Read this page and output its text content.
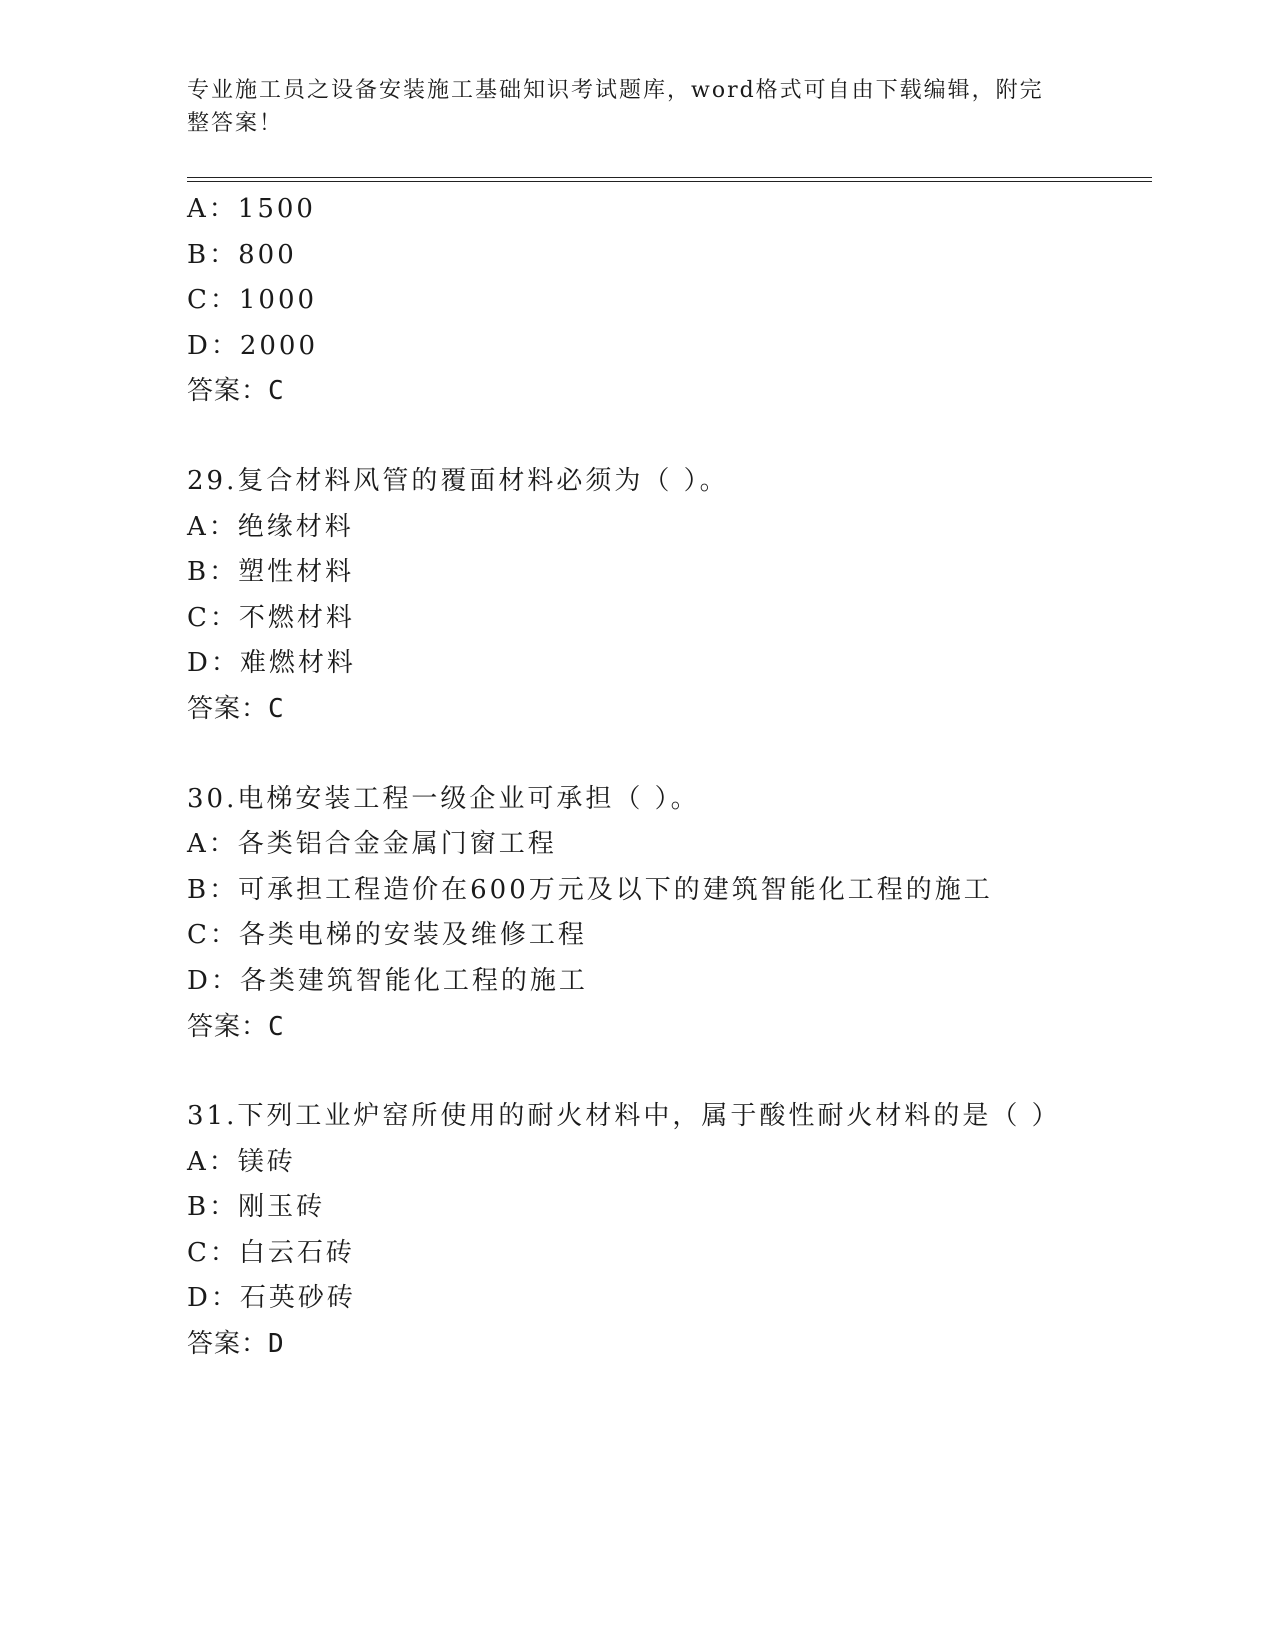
专业施工员之设备安装施工基础知识考试题库，word格式可自由下载编辑，附完
整答案！
A：1500
B：800
C：1000
D：2000
答案：C
29.复合材料风管的覆面材料必须为（ ）。
A：绝缘材料
B：塑性材料
C：不燃材料
D：难燃材料
答案：C
30.电梯安装工程一级企业可承担（ ）。
A：各类铝合金金属门窗工程
B：可承担工程造价在600万元及以下的建筑智能化工程的施工
C：各类电梯的安装及维修工程
D：各类建筑智能化工程的施工
答案：C
31.下列工业炉窑所使用的耐火材料中，属于酸性耐火材料的是（ ）
A：镁砖
B：刚玉砖
C：白云石砖
D：石英砂砖
答案：D
